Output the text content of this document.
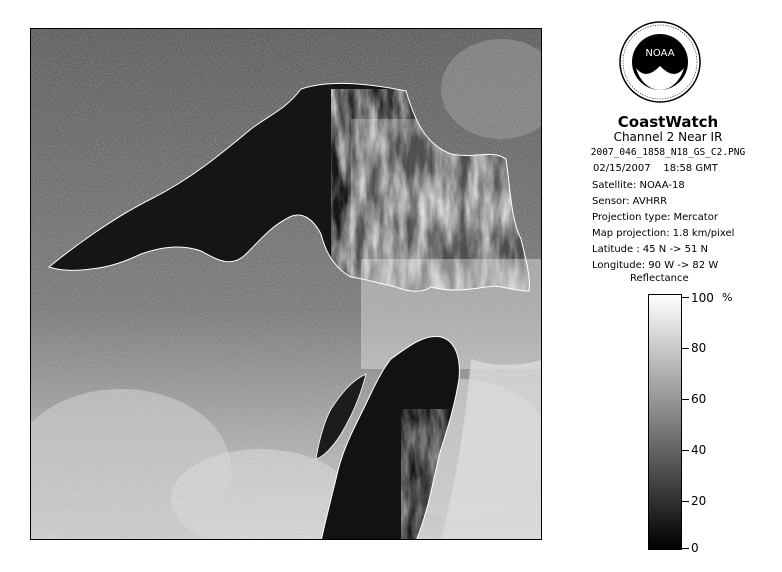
NOAA
CoastWatch
Channel 2 Near IR
2007_046_1858_N18_GS_C2.PNG
02/15/2007    18:58 GMT
Satellite: NOAA-18
Sensor: AVHRR
Projection type: Mercator
Map projection: 1.8 km/pixel
Latitude : 45 N -> 51 N
Longitude: 90 W -> 82 W
Reflectance
%
100
80
60
40
20
0
